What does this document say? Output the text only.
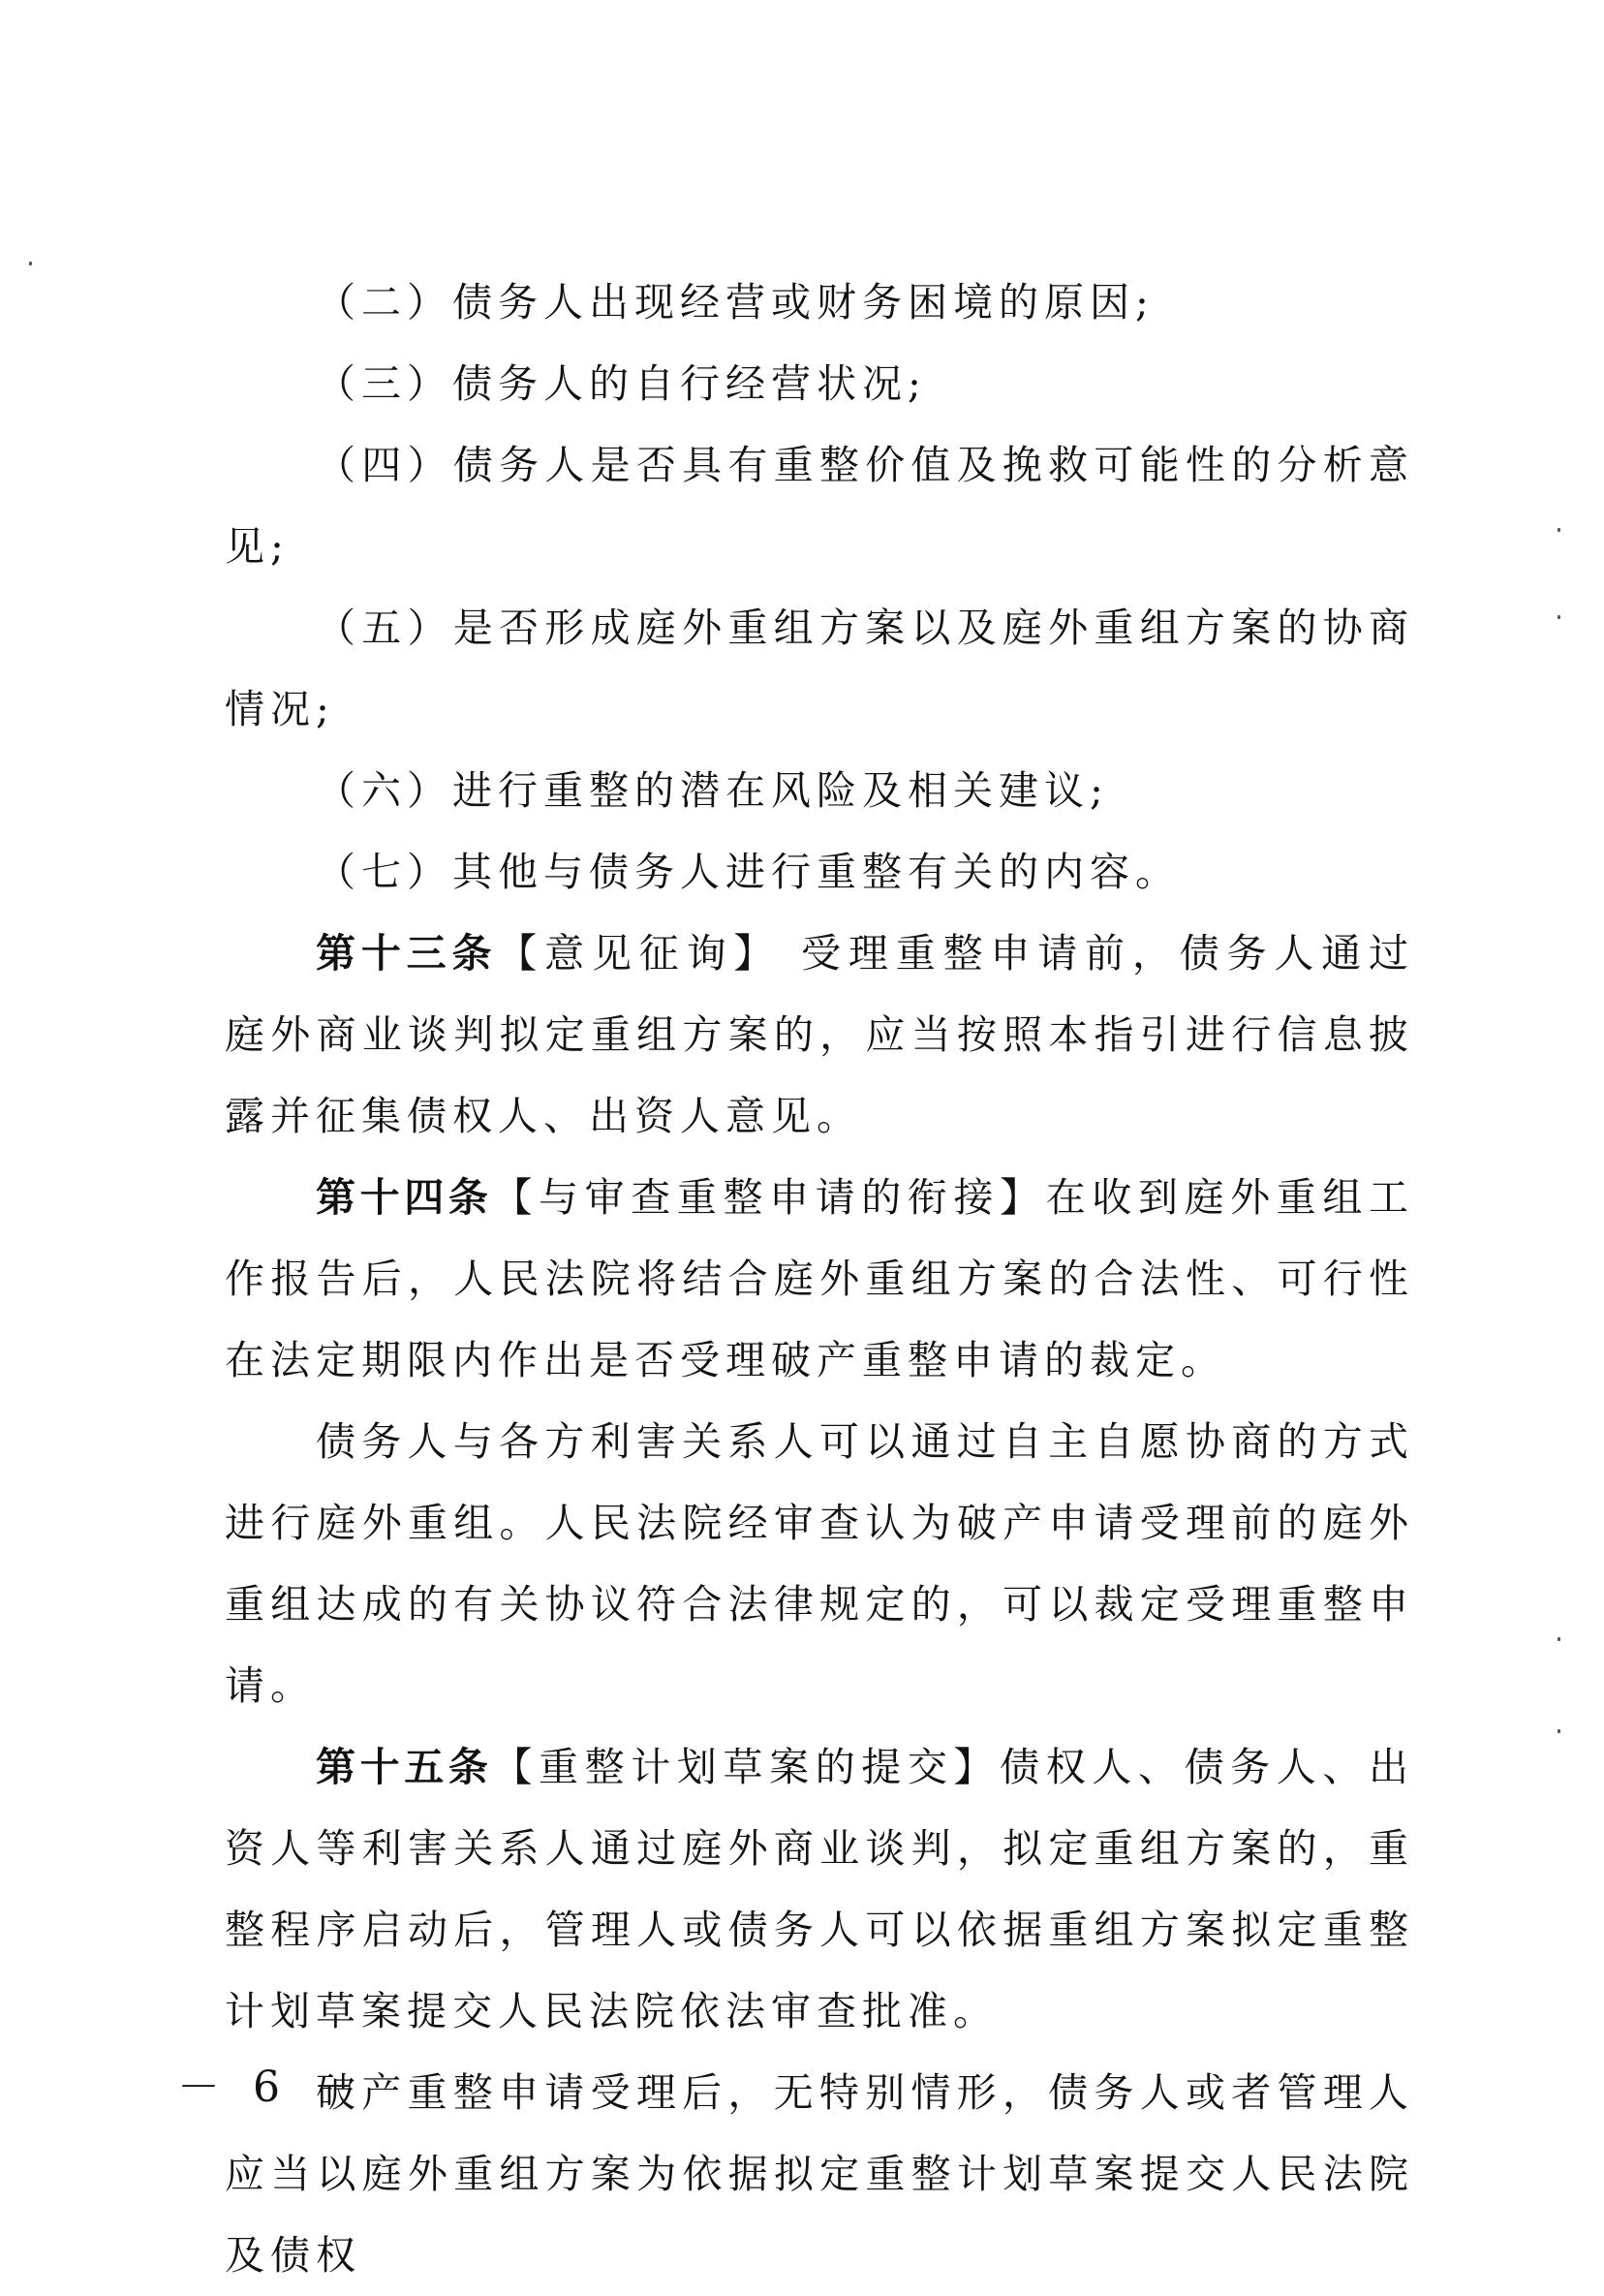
（二）债务人出现经营或财务困境的原因;

（三）债务人的自行经营状况;

（四）债务人是否具有重整价值及挽救可能性的分析意见;

（五）是否形成庭外重组方案以及庭外重组方案的协商情况;

（六）进行重整的潜在风险及相关建议;

（七）其他与债务人进行重整有关的内容。

第十三条【意见征询】 受理重整申请前，债务人通过庭外商业谈判拟定重组方案的，应当按照本指引进行信息披露并征集债权人、出资人意见。

第十四条【与审查重整申请的衔接】在收到庭外重组工作报告后，人民法院将结合庭外重组方案的合法性、可行性在法定期限内作出是否受理破产重整申请的裁定。

债务人与各方利害关系人可以通过自主自愿协商的方式进行庭外重组。人民法院经审查认为破产申请受理前的庭外重组达成的有关协议符合法律规定的，可以裁定受理重整申请。

第十五条【重整计划草案的提交】债权人、债务人、出资人等利害关系人通过庭外商业谈判，拟定重组方案的，重整程序启动后，管理人或债务人可以依据重组方案拟定重整计划草案提交人民法院依法审查批准。

破产重整申请受理后，无特别情形，债务人或者管理人应当以庭外重组方案为依据拟定重整计划草案提交人民法院及债权

－ 6 －
